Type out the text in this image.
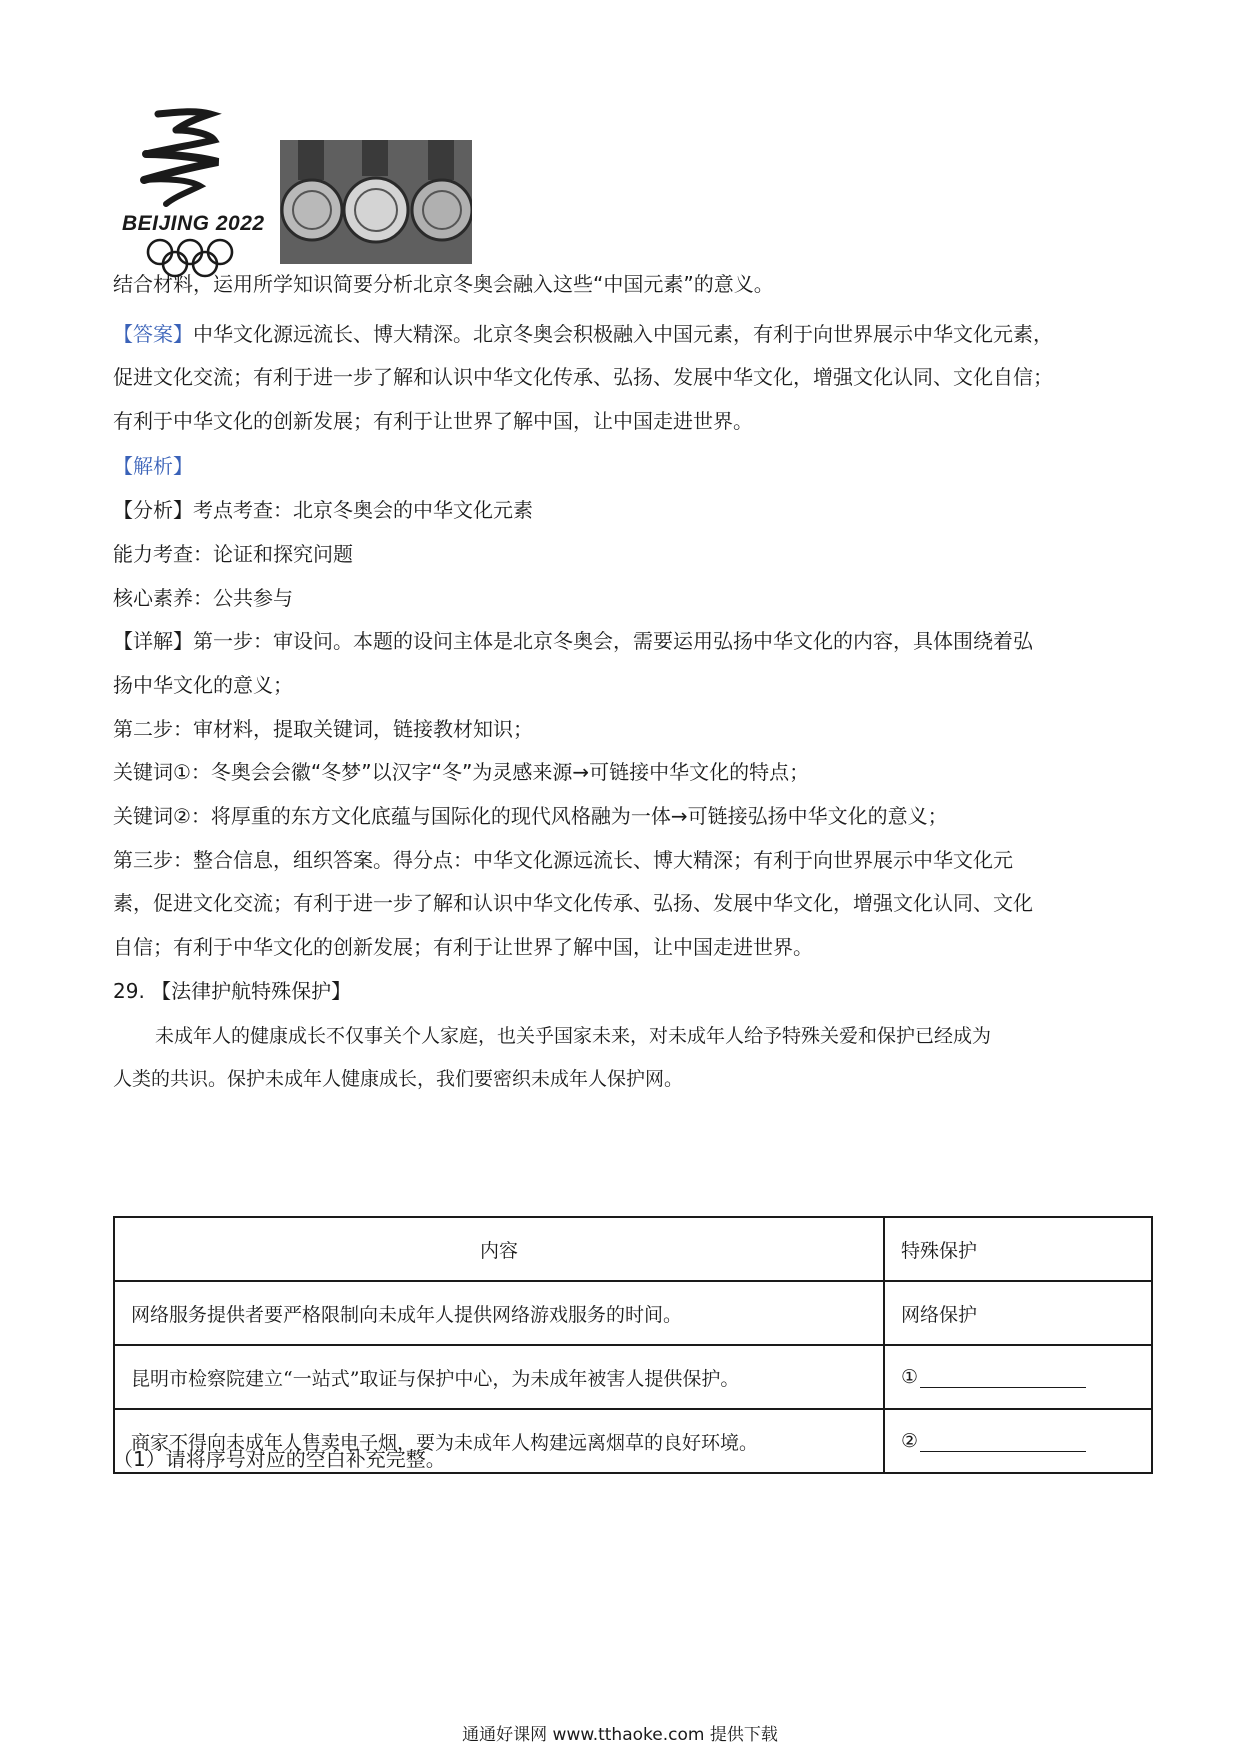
BEIJING 2022
结合材料，运用所学知识简要分析北京冬奥会融入这些“中国元素”的意义。
【答案】中华文化源远流长、博大精深。北京冬奥会积极融入中国元素，有利于向世界展示中华文化元素，
促进文化交流；有利于进一步了解和认识中华文化传承、弘扬、发展中华文化，增强文化认同、文化自信；
有利于中华文化的创新发展；有利于让世界了解中国，让中国走进世界。
【解析】
【分析】考点考查：北京冬奥会的中华文化元素
能力考查：论证和探究问题
核心素养：公共参与
【详解】第一步：审设问。本题的设问主体是北京冬奥会，需要运用弘扬中华文化的内容，具体围绕着弘
扬中华文化的意义；
第二步：审材料，提取关键词，链接教材知识；
关键词①：冬奥会会徽“冬梦”以汉字“冬”为灵感来源→可链接中华文化的特点；
关键词②：将厚重的东方文化底蕴与国际化的现代风格融为一体→可链接弘扬中华文化的意义；
第三步：整合信息，组织答案。得分点：中华文化源远流长、博大精深；有利于向世界展示中华文化元
素，促进文化交流；有利于进一步了解和认识中华文化传承、弘扬、发展中华文化，增强文化认同、文化
自信；有利于中华文化的创新发展；有利于让世界了解中国，让中国走进世界。
29. 【法律护航特殊保护】
未成年人的健康成长不仅事关个人家庭，也关乎国家未来，对未成年人给予特殊关爱和保护已经成为
人类的共识。保护未成年人健康成长，我们要密织未成年人保护网。
内容	特殊保护
网络服务提供者要严格限制向未成年人提供网络游戏服务的时间。	网络保护
昆明市检察院建立“一站式”取证与保护中心，为未成年被害人提供保护。	①
商家不得向未成年人售卖电子烟，要为未成年人构建远离烟草的良好环境。	②
（1）请将序号对应的空白补充完整。
通通好课网 www.tthaoke.com 提供下载
